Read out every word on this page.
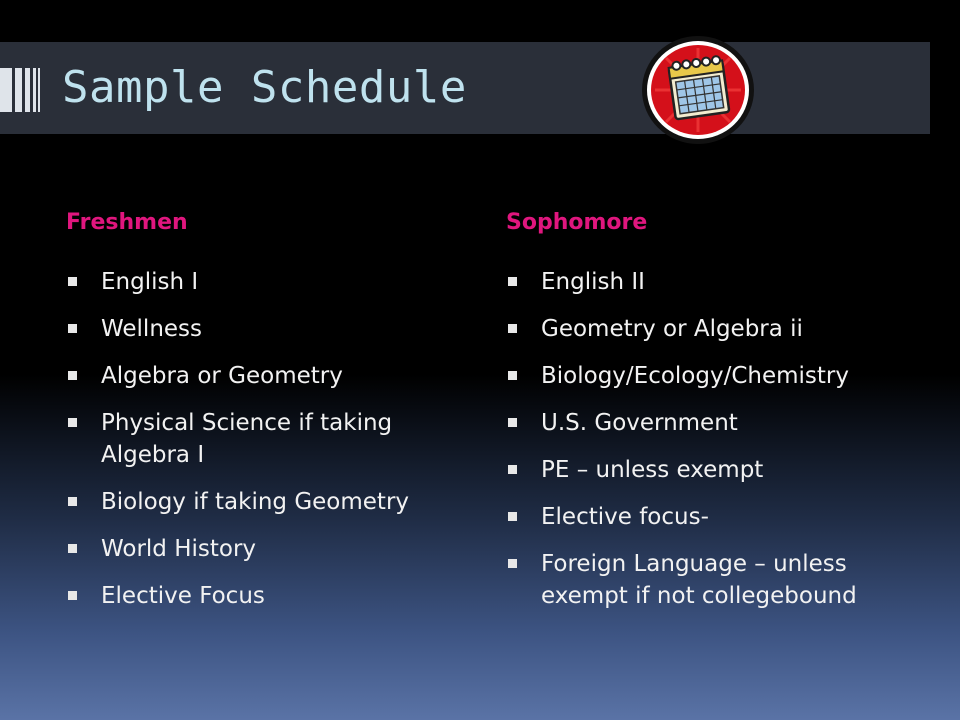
Sample Schedule
Freshmen
English I
Wellness
Algebra or Geometry
Physical Science if taking Algebra I
Biology if taking Geometry
World History
Elective Focus
Sophomore
English II
Geometry or Algebra ii
Biology/Ecology/Chemistry
U.S. Government
PE – unless exempt
Elective focus-
Foreign Language – unless exempt if not collegebound
